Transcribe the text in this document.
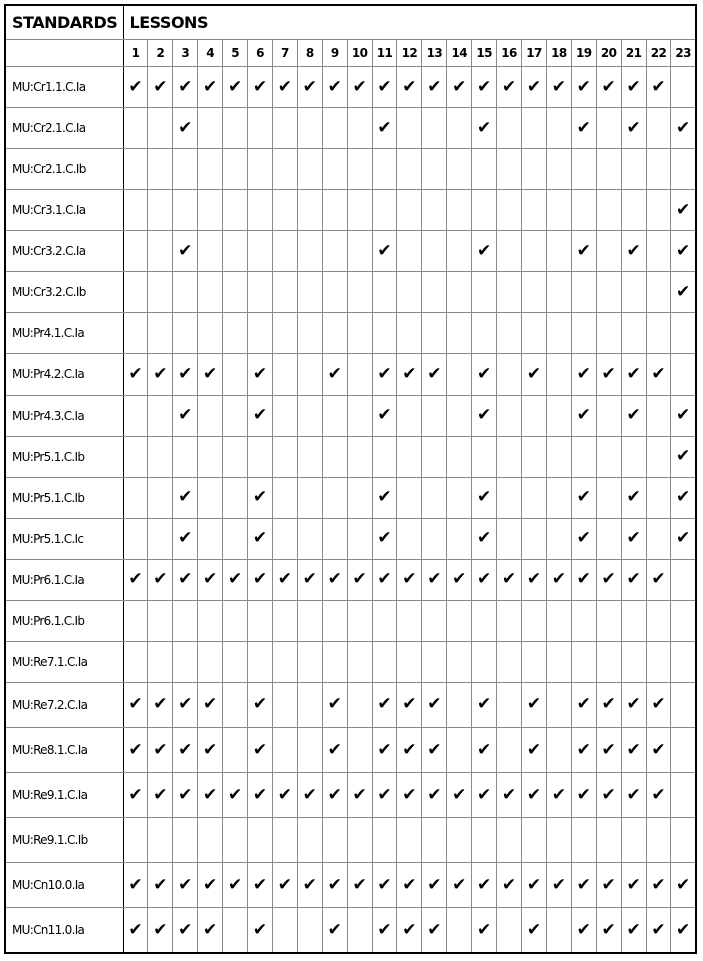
STANDARDS	LESSONS																						
	1	2	3	4	5	6	7	8	9	10	11	12	13	14	15	16	17	18	19	20	21	22	23
MU:Cr1.1.C.Ia	✔	✔	✔	✔	✔	✔	✔	✔	✔	✔	✔	✔	✔	✔	✔	✔	✔	✔	✔	✔	✔	✔	
MU:Cr2.1.C.Ia			✔								✔				✔				✔		✔		✔
MU:Cr2.1.C.Ib																							
MU:Cr3.1.C.Ia																							✔
MU:Cr3.2.C.Ia			✔								✔				✔				✔		✔		✔
MU:Cr3.2.C.Ib																							✔
MU:Pr4.1.C.Ia																							
MU:Pr4.2.C.Ia	✔	✔	✔	✔		✔			✔		✔	✔	✔		✔		✔		✔	✔	✔	✔	
MU:Pr4.3.C.Ia			✔			✔					✔				✔				✔		✔		✔
MU:Pr5.1.C.Ib																							✔
MU:Pr5.1.C.Ib			✔			✔					✔				✔				✔		✔		✔
MU:Pr5.1.C.Ic			✔			✔					✔				✔				✔		✔		✔
MU:Pr6.1.C.Ia	✔	✔	✔	✔	✔	✔	✔	✔	✔	✔	✔	✔	✔	✔	✔	✔	✔	✔	✔	✔	✔	✔	
MU:Pr6.1.C.Ib																							
MU:Re7.1.C.Ia																							
MU:Re7.2.C.Ia	✔	✔	✔	✔		✔			✔		✔	✔	✔		✔		✔		✔	✔	✔	✔	
MU:Re8.1.C.Ia	✔	✔	✔	✔		✔			✔		✔	✔	✔		✔		✔		✔	✔	✔	✔	
MU:Re9.1.C.Ia	✔	✔	✔	✔	✔	✔	✔	✔	✔	✔	✔	✔	✔	✔	✔	✔	✔	✔	✔	✔	✔	✔	
MU:Re9.1.C.Ib																							
MU:Cn10.0.Ia	✔	✔	✔	✔	✔	✔	✔	✔	✔	✔	✔	✔	✔	✔	✔	✔	✔	✔	✔	✔	✔	✔	✔
MU:Cn11.0.Ia	✔	✔	✔	✔		✔			✔		✔	✔	✔		✔		✔		✔	✔	✔	✔	✔
